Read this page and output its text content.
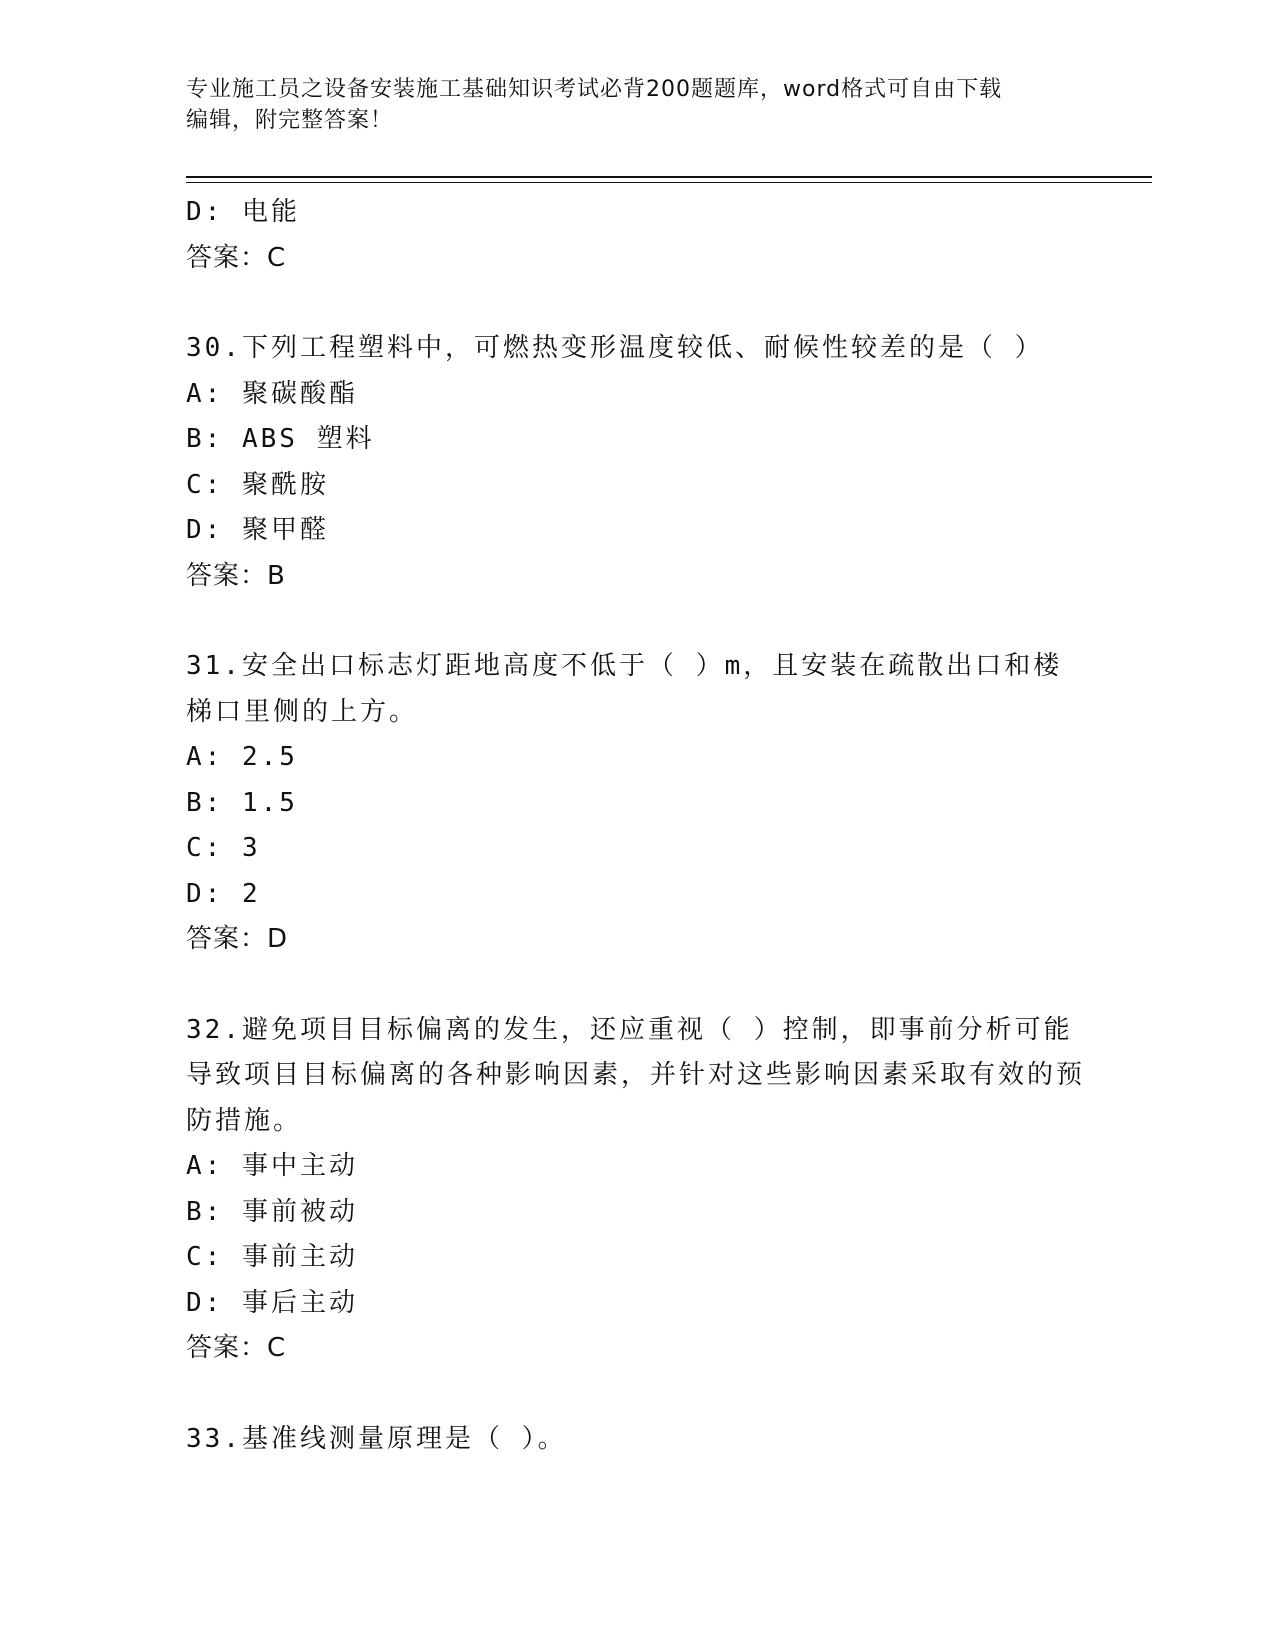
专业施工员之设备安装施工基础知识考试必背200题题库，word格式可自由下载
编辑，附完整答案！
D: 电能
答案：C
30.下列工程塑料中，可燃热变形温度较低、耐候性较差的是（ ）
A: 聚碳酸酯
B: ABS 塑料
C: 聚酰胺
D: 聚甲醛
答案：B
31.安全出口标志灯距地高度不低于（ ）m，且安装在疏散出口和楼梯口里侧的上方。
A: 2.5
B: 1.5
C: 3
D: 2
答案：D
32.避免项目目标偏离的发生，还应重视（ ）控制，即事前分析可能导致项目目标偏离的各种影响因素，并针对这些影响因素采取有效的预防措施。
A: 事中主动
B: 事前被动
C: 事前主动
D: 事后主动
答案：C
33.基准线测量原理是（ ）。
